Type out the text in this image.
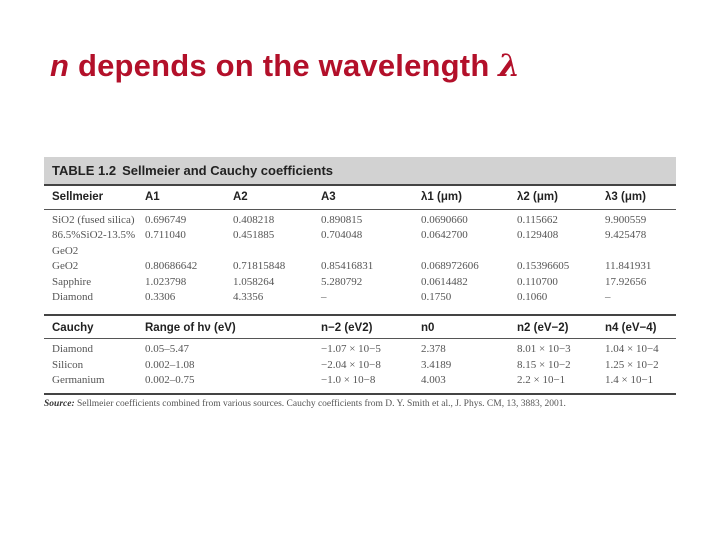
n depends on the wavelength λ
TABLE 1.2 Sellmeier and Cauchy coefficients
Sellmeier	A1	A2	A3	λ1 (μm)	λ2 (μm)	λ3 (μm)
SiO2 (fused silica)	0.696749	0.408218	0.890815	0.0690660	0.115662	9.900559
86.5%SiO2-13.5%GeO2	0.711040	0.451885	0.704048	0.0642700	0.129408	9.425478
GeO2	0.80686642	0.71815848	0.85416831	0.068972606	0.15396605	11.841931
Sapphire	1.023798	1.058264	5.280792	0.0614482	0.110700	17.92656
Diamond	0.3306	4.3356	–	0.1750	0.1060	–

Cauchy	Range of hν (eV)		n−2 (eV2)	n0	n2 (eV−2)	n4 (eV−4)
Diamond	0.05–5.47		−1.07 × 10−5	2.378	8.01 × 10−3	1.04 × 10−4
Silicon	0.002–1.08		−2.04 × 10−8	3.4189	8.15 × 10−2	1.25 × 10−2
Germanium	0.002–0.75		−1.0 × 10−8	4.003	2.2 × 10−1	1.4 × 10−1
Source: Sellmeier coefficients combined from various sources. Cauchy coefficients from D. Y. Smith et al., J. Phys. CM, 13, 3883, 2001.
